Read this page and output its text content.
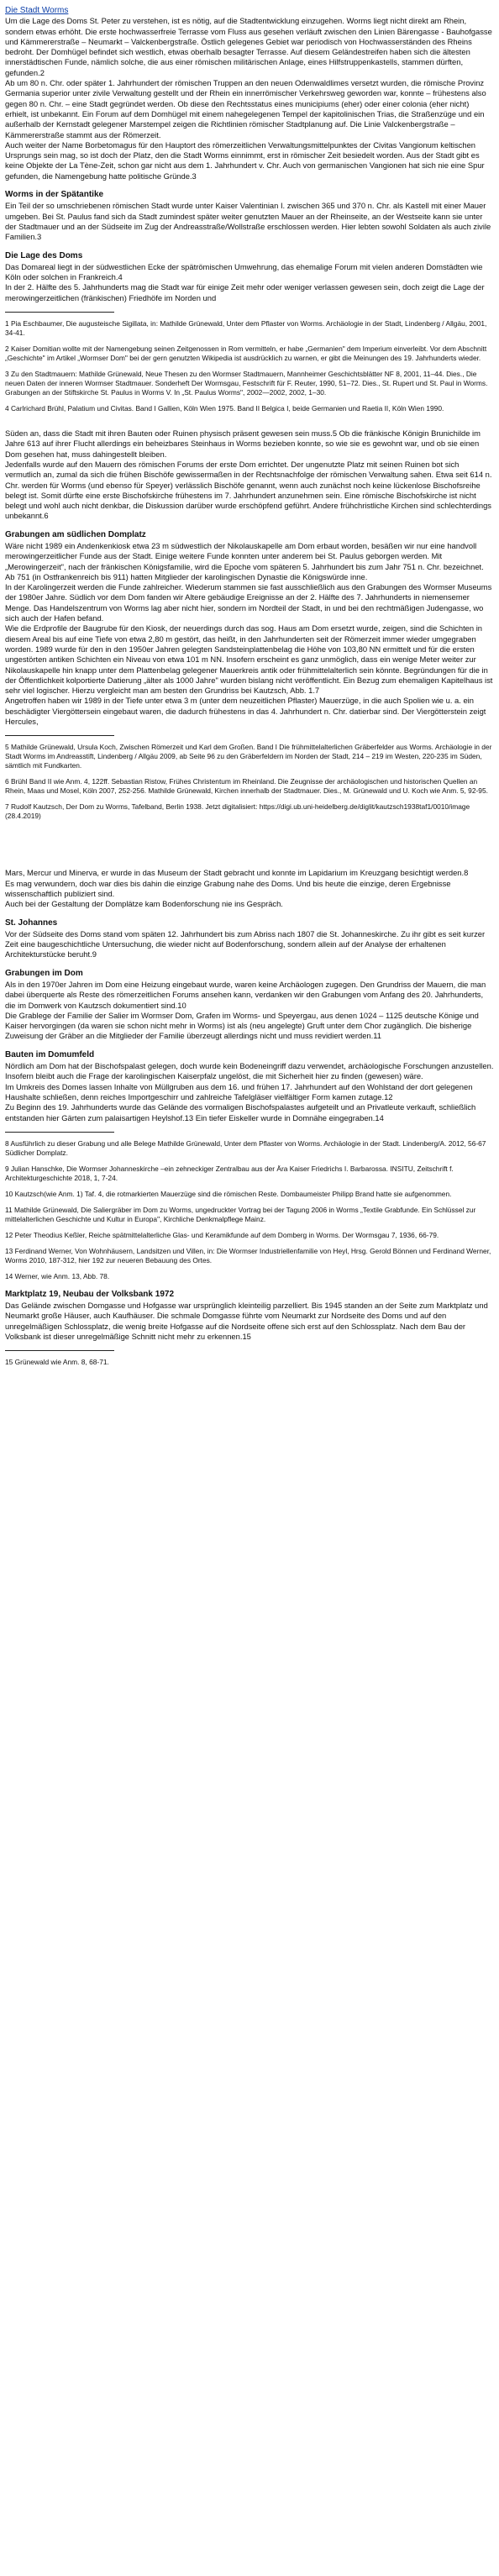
Die Stadt Worms

Um die Lage des Doms St. Peter zu verstehen, ist es nötig, auf die Stadtentwicklung einzugehen. Worms liegt nicht direkt am Rhein, sondern etwas erhöht. Die erste hochwasserfreie Terrasse vom Fluss aus gesehen verläuft zwischen den Linien Bärengasse - Bauhofgasse und Kämmererstraße – Neumarkt – Valckenbergstraße. Östlich gelegenes Gebiet war periodisch von Hochwasserständen des Rheins bedroht. Der Domhügel befindet sich westlich, etwas oberhalb besagter Terrasse. Auf diesem Geländestreifen haben sich die ältesten innerstädtischen Funde, nämlich solche, die aus einer römischen militärischen Anlage, eines Hilfstruppenkastells, stammen dürften, gefunden.2

Ab um 80 n. Chr. oder später 1. Jahrhundert der römischen Truppen an den neuen Odenwaldlimes versetzt wurden, die römische Provinz Germania superior unter zivile Verwaltung gestellt und der Rhein ein innerrömischer Verkehrsweg geworden war, konnte – frühestens also gegen 80 n. Chr. – eine Stadt gegründet werden. Ob diese den Rechtsstatus eines municipiums (eher) oder einer colonia (eher nicht) erhielt, ist unbekannt. Ein Forum auf dem Domhügel mit einem nahegelegenen Tempel der kapitolinischen Trias, die Straßenzüge und ein außerhalb der Kernstadt gelegener Marstempel zeigen die Richtlinien römischer Stadtplanung auf. Die Linie Valckenbergstraße – Kämmererstraße stammt aus der Römerzeit.

Auch weiter der Name Borbetomagus für den Hauptort des römerzeitlichen Verwaltungsmittelpunktes der Civitas Vangionum keltischen Ursprungs sein mag, so ist doch der Platz, den die Stadt Worms einnimmt, erst in römischer Zeit besiedelt worden. Aus der Stadt gibt es keine Objekte der La Tène-Zeit, schon gar nicht aus dem 1. Jahrhundert v. Chr. Auch von germanischen Vangionen hat sich nie eine Spur gefunden, die Namengebung hatte politische Gründe.3

Worms in der Spätantike

Ein Teil der so umschriebenen römischen Stadt wurde unter Kaiser Valentinian I. zwischen 365 und 370 n. Chr. als Kastell mit einer Mauer umgeben. Bei St. Paulus fand sich da Stadt zumindest später weiter genutzten Mauer an der Rheinseite, an der Westseite kann sie unter der Stadtmauer und an der Südseite im Zug der Andreasstraße/Wollstraße erschlossen werden. Hier lebten sowohl Soldaten als auch zivile Familien.3

Die Lage des Doms

Das Domareal liegt in der südwestlichen Ecke der spätrömischen Umwehrung, das ehemalige Forum mit vielen anderen Domstädten wie Köln oder solchen in Frankreich.4

In der 2. Hälfte des 5. Jahrhunderts mag die Stadt war für einige Zeit mehr oder weniger verlassen gewesen sein, doch zeigt die Lage der merowingerzeitlichen (fränkischen) Friedhöfe im Norden und

1 Pia Eschbaumer, Die augusteische Sigillata, in: Mathilde Grünewald, Unter dem Pflaster von Worms. Archäologie in der Stadt, Lindenberg / Allgäu, 2001, 34-41.

2 Kaiser Domitian wollte mit der Namengebung seinen Zeitgenossen in Rom vermitteln, er habe „Germanien" dem Imperium einverleibt. Vor dem Abschnitt „Geschichte" im Artikel „Wormser Dom" bei der gern genutzten Wikipedia ist ausdrücklich zu warnen, er gibt die Meinungen des 19. Jahrhunderts wieder.

3 Zu den Stadtmauern: Mathilde Grünewald, Neue Thesen zu den Wormser Stadtmauern, Mannheimer Geschichtsblätter NF 8, 2001, 11–44. Dies., Die neuen Daten der inneren Wormser Stadtmauer. Sonderheft Der Wormsgau, Festschrift für F. Reuter, 1990, 51–72. Dies., St. Rupert und St. Paul in Worms. Grabungen an der Stiftskirche St. Paulus in Worms V. In „St. Paulus Worms", 2002—2002, 2002, 1–30.

4 Carlrichard Brühl, Palatium und Civitas. Band I Gallien, Köln Wien 1975. Band II Belgica I, beide Germanien und Raetia II, Köln Wien 1990.

Süden an, dass die Stadt mit ihren Bauten oder Ruinen physisch präsent gewesen sein muss.5 Ob die fränkische Königin Brunichilde im Jahre 613 auf ihrer Flucht allerdings ein beheizbares Steinhaus in Worms bezieben konnte, so wie sie es gewohnt war, und ob sie einen Dom gesehen hat, muss dahingestellt bleiben.

Jedenfalls wurde auf den Mauern des römischen Forums der erste Dom errichtet. Der ungenutzte Platz mit seinen Ruinen bot sich vermutlich an, zumal da sich die frühen Bischöfe gewissermaßen in der Rechtsnachfolge der römischen Verwaltung sahen. Etwa seit 614 n. Chr. werden für Worms (und ebenso für Speyer) verlässlich Bischöfe genannt, wenn auch zunächst noch keine lückenlose Bischofsreihe belegt ist. Somit dürfte eine erste Bischofskirche frühestens im 7. Jahrhundert anzunehmen sein. Eine römische Bischofskirche ist nicht belegt und wohl auch nicht denkbar, die Diskussion darüber wurde erschöpfend geführt. Andere frühchristliche Kirchen sind schlechterdings unbekannt.6

Grabungen am südlichen Domplatz

Wäre nicht 1989 ein Andenkenkiosk etwa 23 m südwestlich der Nikolauskapelle am Dom erbaut worden, besäßen wir nur eine handvoll merowingerzeitlicher Funde aus der Stadt. Einige weitere Funde konnten unter anderem bei St. Paulus geborgen werden. Mit „Merowingerzeit", nach der fränkischen Königsfamilie, wird die Epoche vom späteren 5. Jahrhundert bis zum Jahr 751 n. Chr. bezeichnet. Ab 751 (in Ostfrankenreich bis 911) hatten Mitglieder der karolingischen Dynastie die Königswürde inne.

In der Karolingerzeit werden die Funde zahlreicher. Wiederum stammen sie fast ausschließlich aus den Grabungen des Wormser Museums der 1980er Jahre. Südlich vor dem Dom fanden wir Altere gebäudige Ereignisse an der 2. Hälfte des 7. Jahrhunderts in niemensemer Menge. Das Handelszentrum von Worms lag aber nicht hier, sondern im Nordteil der Stadt, in und bei den rechtmäßigen Judengasse, wo sich auch der Hafen befand.

Wie die Erdprofile der Baugrube für den Kiosk, der neuerdings durch das sog. Haus am Dom ersetzt wurde, zeigen, sind die Schichten in diesem Areal bis auf eine Tiefe von etwa 2,80 m gestört, das heißt, in den Jahrhunderten seit der Römerzeit immer wieder umgegraben worden. 1989 wurde für den in den 1950er Jahren gelegten Sandsteinplattenbelag die Höhe von 103,80 NN ermittelt und für die ersten ungestörten antiken Schichten ein Niveau von etwa 101 m NN. Insofern erscheint es ganz unmöglich, dass ein wenige Meter weiter zur Nikolauskapelle hin knapp unter dem Plattenbelag gelegener Mauerkreis antik oder frühmittelalterlich sein könnte. Begründungen für die in der Öffentlichkeit kolportierte Datierung „älter als 1000 Jahre" wurden bislang nicht veröffentlicht. Ein Bezug zum ehemaligen Kapitelhaus ist sehr viel logischer. Hierzu vergleicht man am besten den Grundriss bei Kautzsch, Abb. 1.7

Angetroffen haben wir 1989 in der Tiefe unter etwa 3 m (unter dem neuzeitlichen Pflaster) Mauerzüge, in die auch Spolien wie u. a. ein beschädigter Viergöttersein eingebaut waren, die dadurch frühestens in das 4. Jahrhundert n. Chr. datierbar sind. Der Viergötterstein zeigt Hercules,

5 Mathilde Grünewald, Ursula Koch, Zwischen Römerzeit und Karl dem Großen. Band I Die frühmittelalterlichen Gräberfelder aus Worms. Archäologie in der Stadt Worms im Andreasstift, Lindenberg / Allgäu 2009, ab Seite 96 zu den Gräberfeldern im Norden der Stadt, 214 – 219 im Westen, 220-235 im Süden, sämtlich mit Fundkarten.

6 Brühl Band II wie Anm. 4, 122ff. Sebastian Ristow, Frühes Christentum im Rheinland. Die Zeugnisse der archäologischen und historischen Quellen an Rhein, Maas und Mosel, Köln 2007, 252-256. Mathilde Grünewald, Kirchen innerhalb der Stadtmauer. Dies., M. Grünewald und U. Koch wie Anm. 5, 92-95.

7 Rudolf Kautzsch, Der Dom zu Worms, Tafelband, Berlin 1938. Jetzt digitalisiert: https://digi.ub.uni-heidelberg.de/diglit/kautzsch1938taf1/0010/image (28.4.2019)

Mars, Mercur und Minerva, er wurde in das Museum der Stadt gebracht und konnte im Lapidarium im Kreuzgang besichtigt werden.8

Es mag verwundern, doch war dies bis dahin die einzige Grabung nahe des Doms. Und bis heute die einzige, deren Ergebnisse wissenschaftlich publiziert sind.

Auch bei der Gestaltung der Domplätze kam Bodenforschung nie ins Gespräch.

St. Johannes

Vor der Südseite des Doms stand vom späten 12. Jahrhundert bis zum Abriss nach 1807 die St. Johanneskirche. Zu ihr gibt es seit kurzer Zeit eine baugeschichtliche Untersuchung, die wieder nicht auf Bodenforschung, sondern allein auf der Analyse der erhaltenen Architekturstücke beruht.9

Grabungen im Dom

Als in den 1970er Jahren im Dom eine Heizung eingebaut wurde, waren keine Archäologen zugegen. Den Grundriss der Mauern, die man dabei überquerte als Reste des römerzeitlichen Forums ansehen kann, verdanken wir den Grabungen vom Anfang des 20. Jahrhunderts, die im Domwerk von Kautzsch dokumentiert sind.10

Die Grablege der Familie der Salier im Wormser Dom, Grafen im Worms- und Speyergau, aus denen 1024 – 1125 deutsche Könige und Kaiser hervorgingen (da waren sie schon nicht mehr in Worms) ist als (neu angelegte) Gruft unter dem Chor zugänglich. Die bisherige Zuweisung der Gräber an die Mitglieder der Familie überzeugt allerdings nicht und muss revidiert werden.11

Bauten im Domumfeld

Nördlich am Dom hat der Bischofspalast gelegen, doch wurde kein Bodeneingriff dazu verwendet, archäologische Forschungen anzustellen. Insofern bleibt auch die Frage der karolingischen Kaiserpfalz ungelöst, die mit Sicherheit hier zu finden (gewesen) wäre.

Im Umkreis des Domes lassen Inhalte von Müllgruben aus dem 16. und frühen 17. Jahrhundert auf den Wohlstand der dort gelegenen Haushalte schließen, denn reiches Importgeschirr und zahlreiche Tafelgläser vielfältiger Form kamen zutage.12

Zu Beginn des 19. Jahrhunderts wurde das Gelände des vormaligen Bischofspalastes aufgeteilt und an Privatleute verkauft, schließlich entstanden hier Gärten zum palaisartigen Heylshof.13 Ein tiefer Eiskeller wurde in Domnähe eingegraben.14

8 Ausführlich zu dieser Grabung und alle Belege Mathilde Grünewald, Unter dem Pflaster von Worms. Archäologie in der Stadt. Lindenberg/A. 2012, 56-67 Südlicher Domplatz.

9 Julian Hanschke, Die Wormser Johanneskirche –ein zehneckiger Zentralbau aus der Ära Kaiser Friedrichs I. Barbarossa. INSITU, Zeitschrift f. Architekturgeschichte 2018, 1, 7-24.

10 Kautzsch(wie Anm. 1) Taf. 4, die rotmarkierten Mauerzüge sind die römischen Reste. Dombaumeister Philipp Brand hatte sie aufgenommen.

11 Mathilde Grünewald, Die Saliergräber im Dom zu Worms, ungedruckter Vortrag bei der Tagung 2006 in Worms „Textile Grabfunde. Ein Schlüssel zur mittelalterlichen Geschichte und Kultur in Europa", Kirchliche Denkmalpflege Mainz.

12 Peter Theodius Keßler, Reiche spätmittelalterliche Glas- und Keramikfunde auf dem Domberg in Worms. Der Wormsgau 7, 1936, 66-79.

13 Ferdinand Werner, Von Wohnhäusern, Landsitzen und Villen, in: Die Wormser Industriellenfamilie von Heyl, Hrsg. Gerold Bönnen und Ferdinand Werner, Worms 2010, 187-312, hier 192 zur neueren Bebauung des Ortes.

14 Werner, wie Anm. 13, Abb. 78.

Marktplatz 19, Neubau der Volksbank 1972

Das Gelände zwischen Domgasse und Hofgasse war ursprünglich kleinteilig parzelliert. Bis 1945 standen an der Seite zum Marktplatz und Neumarkt große Häuser, auch Kaufhäuser. Die schmale Domgasse führte vom Neumarkt zur Nordseite des Doms und auf den unregelmäßigen Schlossplatz, die wenig breite Hofgasse auf die Nordseite offene sich erst auf den Schlossplatz. Nach dem Bau der Volksbank ist dieser unregelmäßige Schnitt nicht mehr zu erkennen.15

15 Grünewald wie Anm. 8, 68-71.
